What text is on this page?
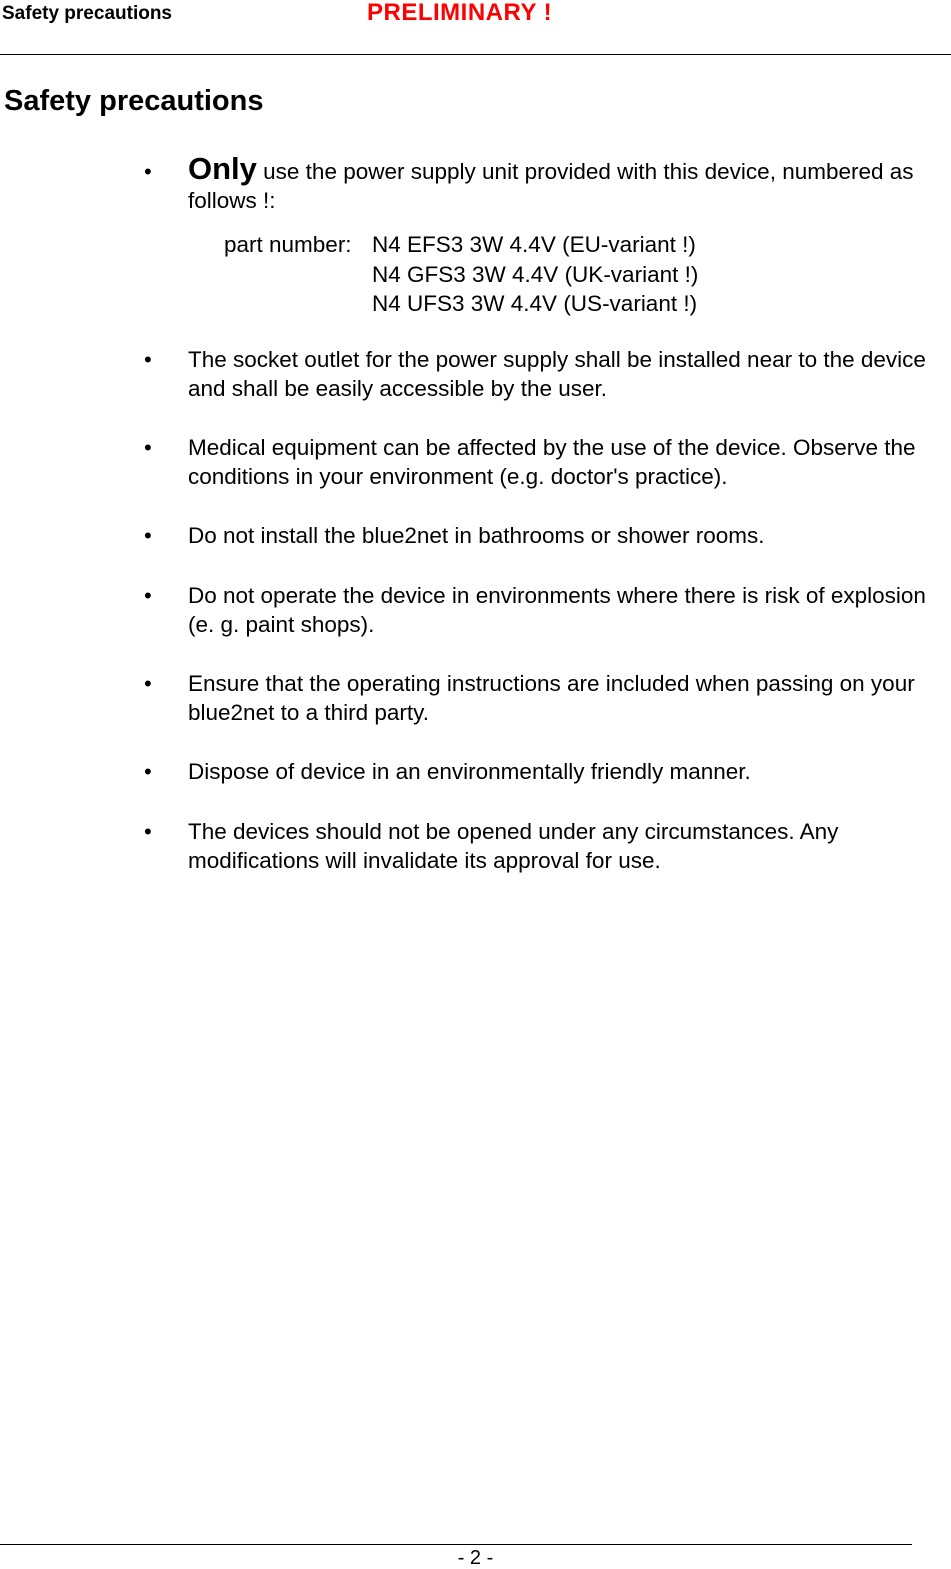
Safety precautions	PRELIMINARY !
Safety precautions
• Only use the power supply unit provided with this device, numbered as follows !:
part number: N4 EFS3 3W 4.4V (EU-variant !)
N4 GFS3 3W 4.4V (UK-variant !)
N4 UFS3 3W 4.4V (US-variant !)
• The socket outlet for the power supply shall be installed near to the device and shall be easily accessible by the user.
• Medical equipment can be affected by the use of the device. Observe the conditions in your environment (e.g. doctor's practice).
• Do not install the blue2net in bathrooms or shower rooms.
• Do not operate the device in environments where there is risk of explosion (e. g. paint shops).
• Ensure that the operating instructions are included when passing on your blue2net to a third party.
• Dispose of device in an environmentally friendly manner.
• The devices should not be opened under any circumstances. Any modifications will invalidate its approval for use.
- 2 -
